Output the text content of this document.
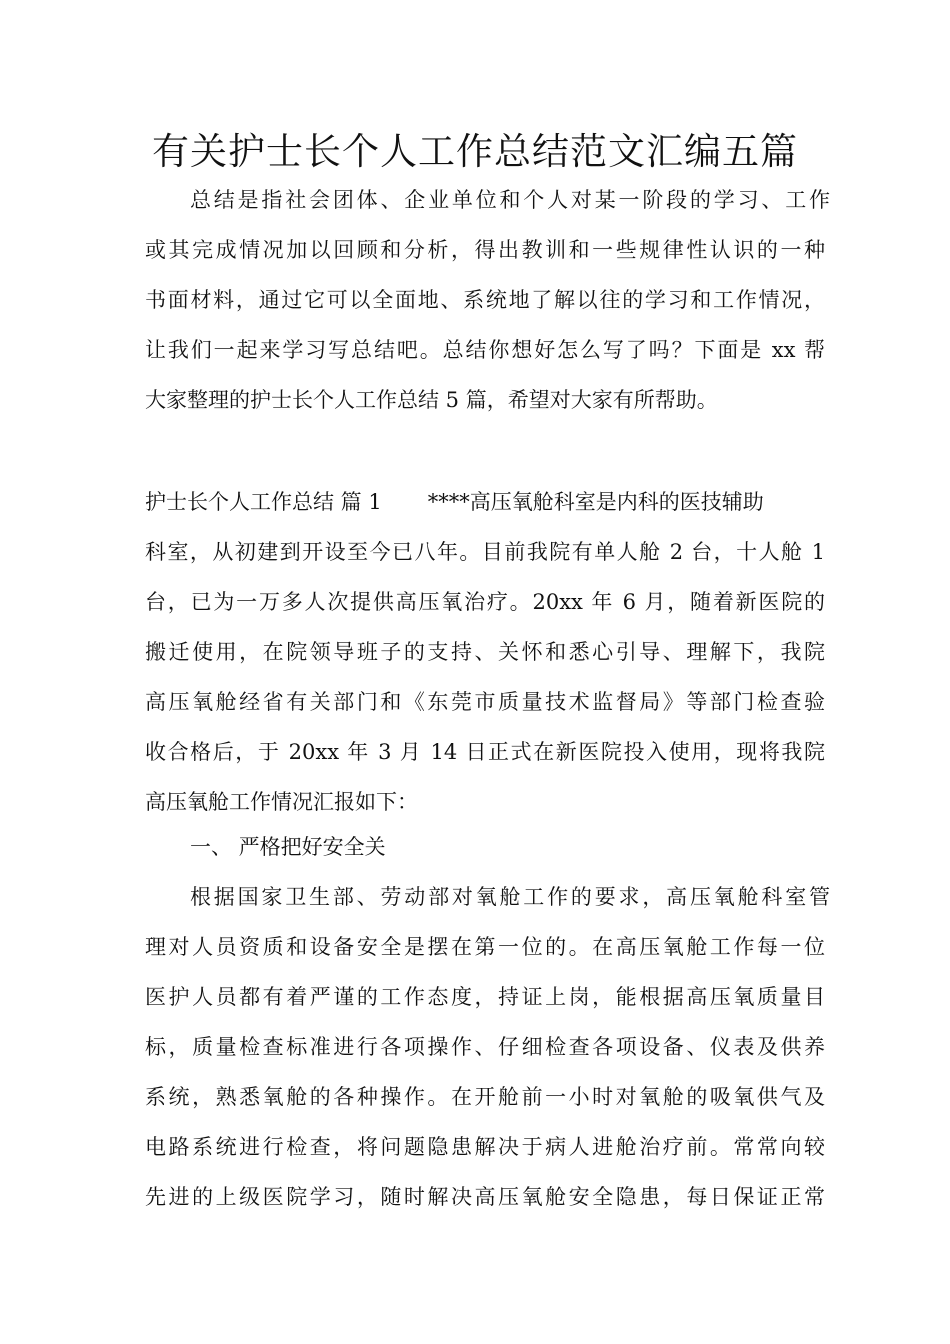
有关护士长个人工作总结范文汇编五篇
总结是指社会团体、企业单位和个人对某一阶段的学习、工作
或其完成情况加以回顾和分析，得出教训和一些规律性认识的一种
书面材料，通过它可以全面地、系统地了解以往的学习和工作情况，
让我们一起来学习写总结吧。总结你想好怎么写了吗？下面是 xx 帮
大家整理的护士长个人工作总结 5 篇，希望对大家有所帮助。
护士长个人工作总结 篇 1 ****高压氧舱科室是内科的医技辅助
科室，从初建到开设至今已八年。目前我院有单人舱 2 台，十人舱 1
台，已为一万多人次提供高压氧治疗。20xx 年 6 月，随着新医院的
搬迁使用，在院领导班子的支持、关怀和悉心引导、理解下，我院
高压氧舱经省有关部门和《东莞市质量技术监督局》等部门检查验
收合格后，于 20xx 年 3 月 14 日正式在新医院投入使用，现将我院
高压氧舱工作情况汇报如下：
一、 严格把好安全关
根据国家卫生部、劳动部对氧舱工作的要求，高压氧舱科室管
理对人员资质和设备安全是摆在第一位的。在高压氧舱工作每一位
医护人员都有着严谨的工作态度，持证上岗，能根据高压氧质量目
标，质量检查标准进行各项操作、仔细检查各项设备、仪表及供养
系统，熟悉氧舱的各种操作。在开舱前一小时对氧舱的吸氧供气及
电路系统进行检查，将问题隐患解决于病人进舱治疗前。常常向较
先进的上级医院学习，随时解决高压氧舱安全隐患，每日保证正常
